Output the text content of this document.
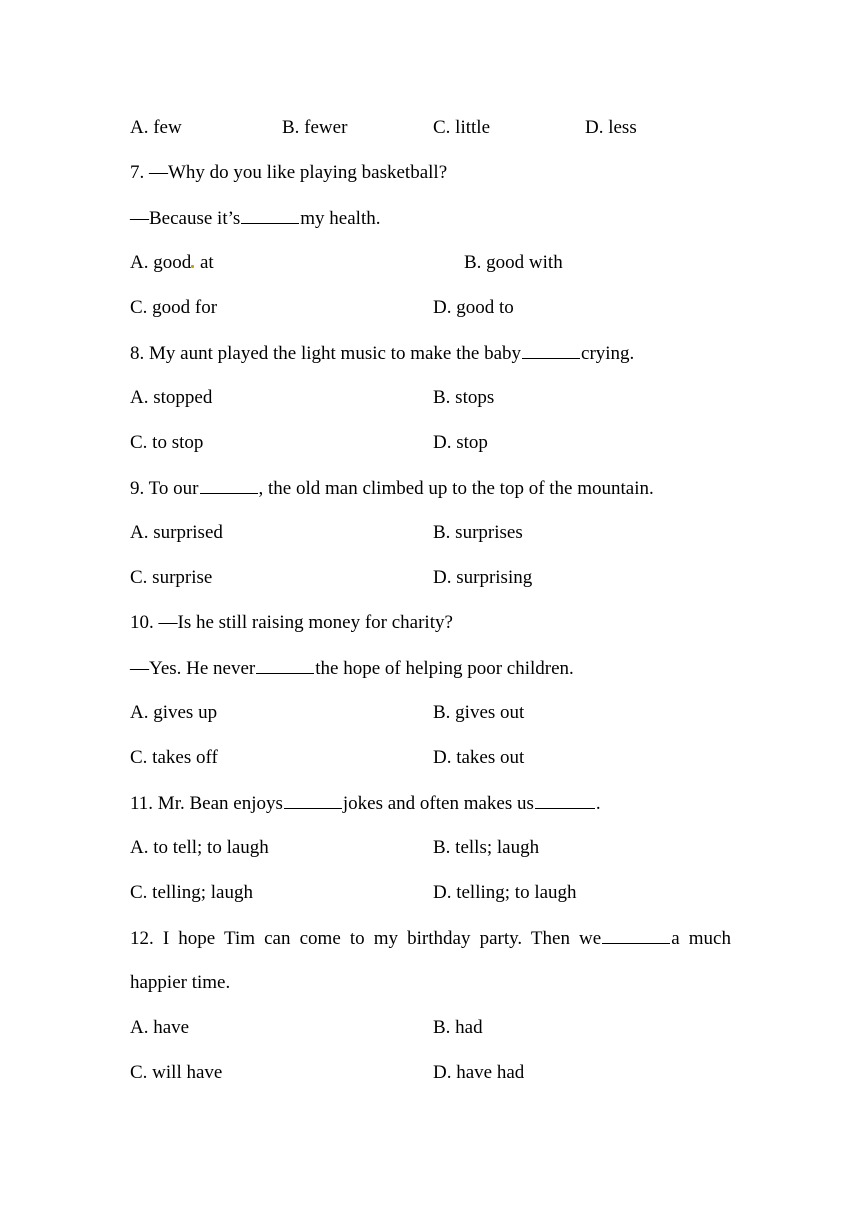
A. few	B. fewer	C. little	D. less
7. —Why do you like playing basketball?
—Because it’s	my health.
A. good at	B. good with
C. good for	D. good to
8. My aunt played the light music to make the baby	crying.
A. stopped	B. stops
C. to stop	D. stop
9. To our	, the old man climbed up to the top of the mountain.
A. surprised	B. surprises
C. surprise	D. surprising
10. —Is he still raising money for charity?
—Yes. He never	the hope of helping poor children.
A. gives up	B. gives out
C. takes off	D. takes out
11. Mr. Bean enjoys	jokes and often makes us	.
A. to tell; to laugh	B. tells; laugh
C. telling; laugh	D. telling; to laugh
12. I hope Tim can come to my birthday party. Then we	a much
happier time.
A. have	B. had
C. will have	D. have had
